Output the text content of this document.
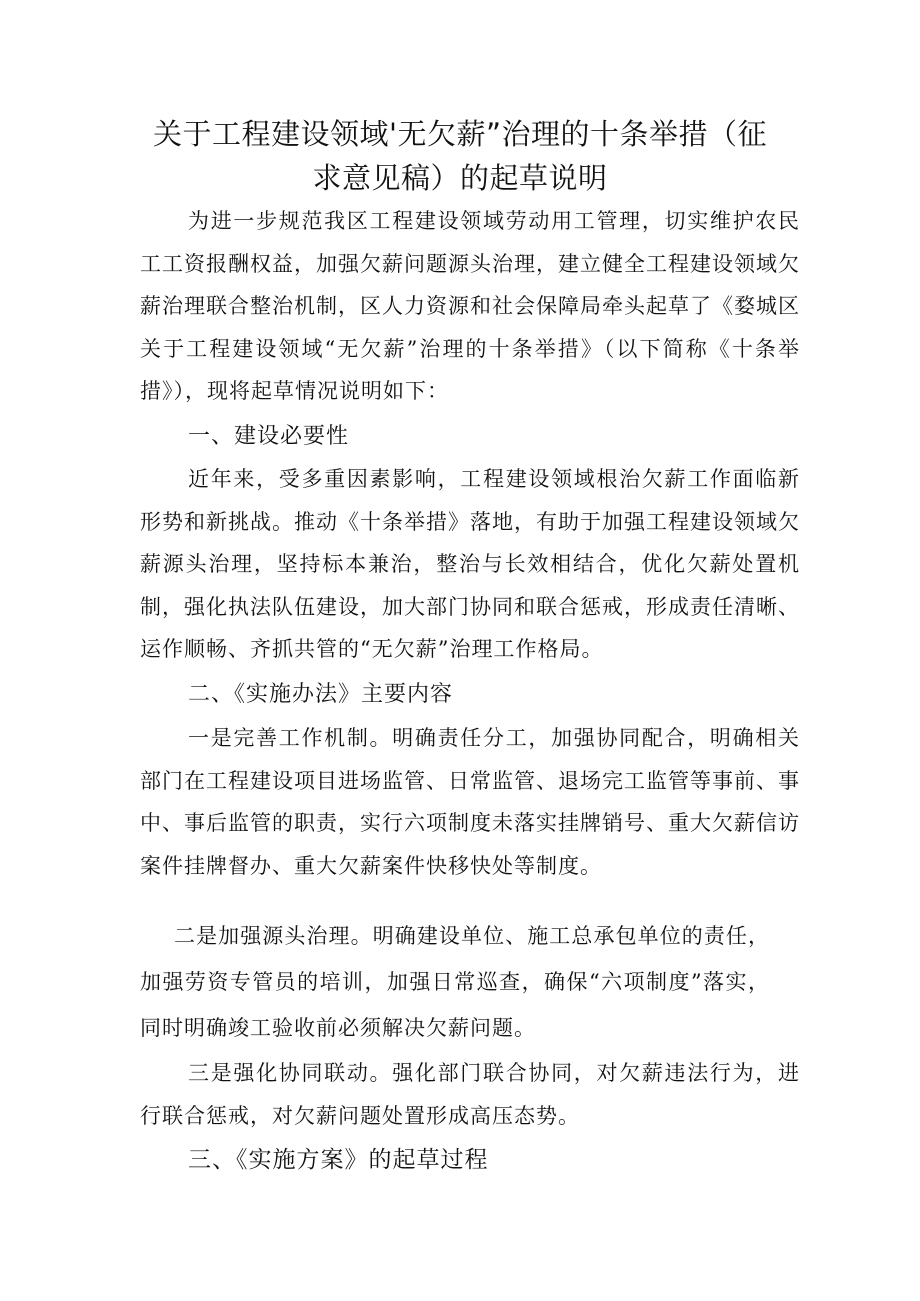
关于工程建设领域'无欠薪”治理的十条举措（征
求意见稿）的起草说明

为进一步规范我区工程建设领域劳动用工管理，切实维护农民工工资报酬权益，加强欠薪问题源头治理，建立健全工程建设领域欠薪治理联合整治机制，区人力资源和社会保障局牵头起草了《婺城区关于工程建设领域“无欠薪”治理的十条举措》（以下简称《十条举措》），现将起草情况说明如下：

一、建设必要性

近年来，受多重因素影响，工程建设领域根治欠薪工作面临新形势和新挑战。推动《十条举措》落地，有助于加强工程建设领域欠薪源头治理，坚持标本兼治，整治与长效相结合，优化欠薪处置机制，强化执法队伍建设，加大部门协同和联合惩戒，形成责任清晰、运作顺畅、齐抓共管的“无欠薪”治理工作格局。

二、《实施办法》主要内容

一是完善工作机制。明确责任分工，加强协同配合，明确相关部门在工程建设项目进场监管、日常监管、退场完工监管等事前、事中、事后监管的职责，实行六项制度未落实挂牌销号、重大欠薪信访案件挂牌督办、重大欠薪案件快移快处等制度。

二是加强源头治理。明确建设单位、施工总承包单位的责任，加强劳资专管员的培训，加强日常巡查，确保“六项制度”落实，同时明确竣工验收前必须解决欠薪问题。

三是强化协同联动。强化部门联合协同，对欠薪违法行为，进行联合惩戒，对欠薪问题处置形成高压态势。

三、《实施方案》的起草过程
